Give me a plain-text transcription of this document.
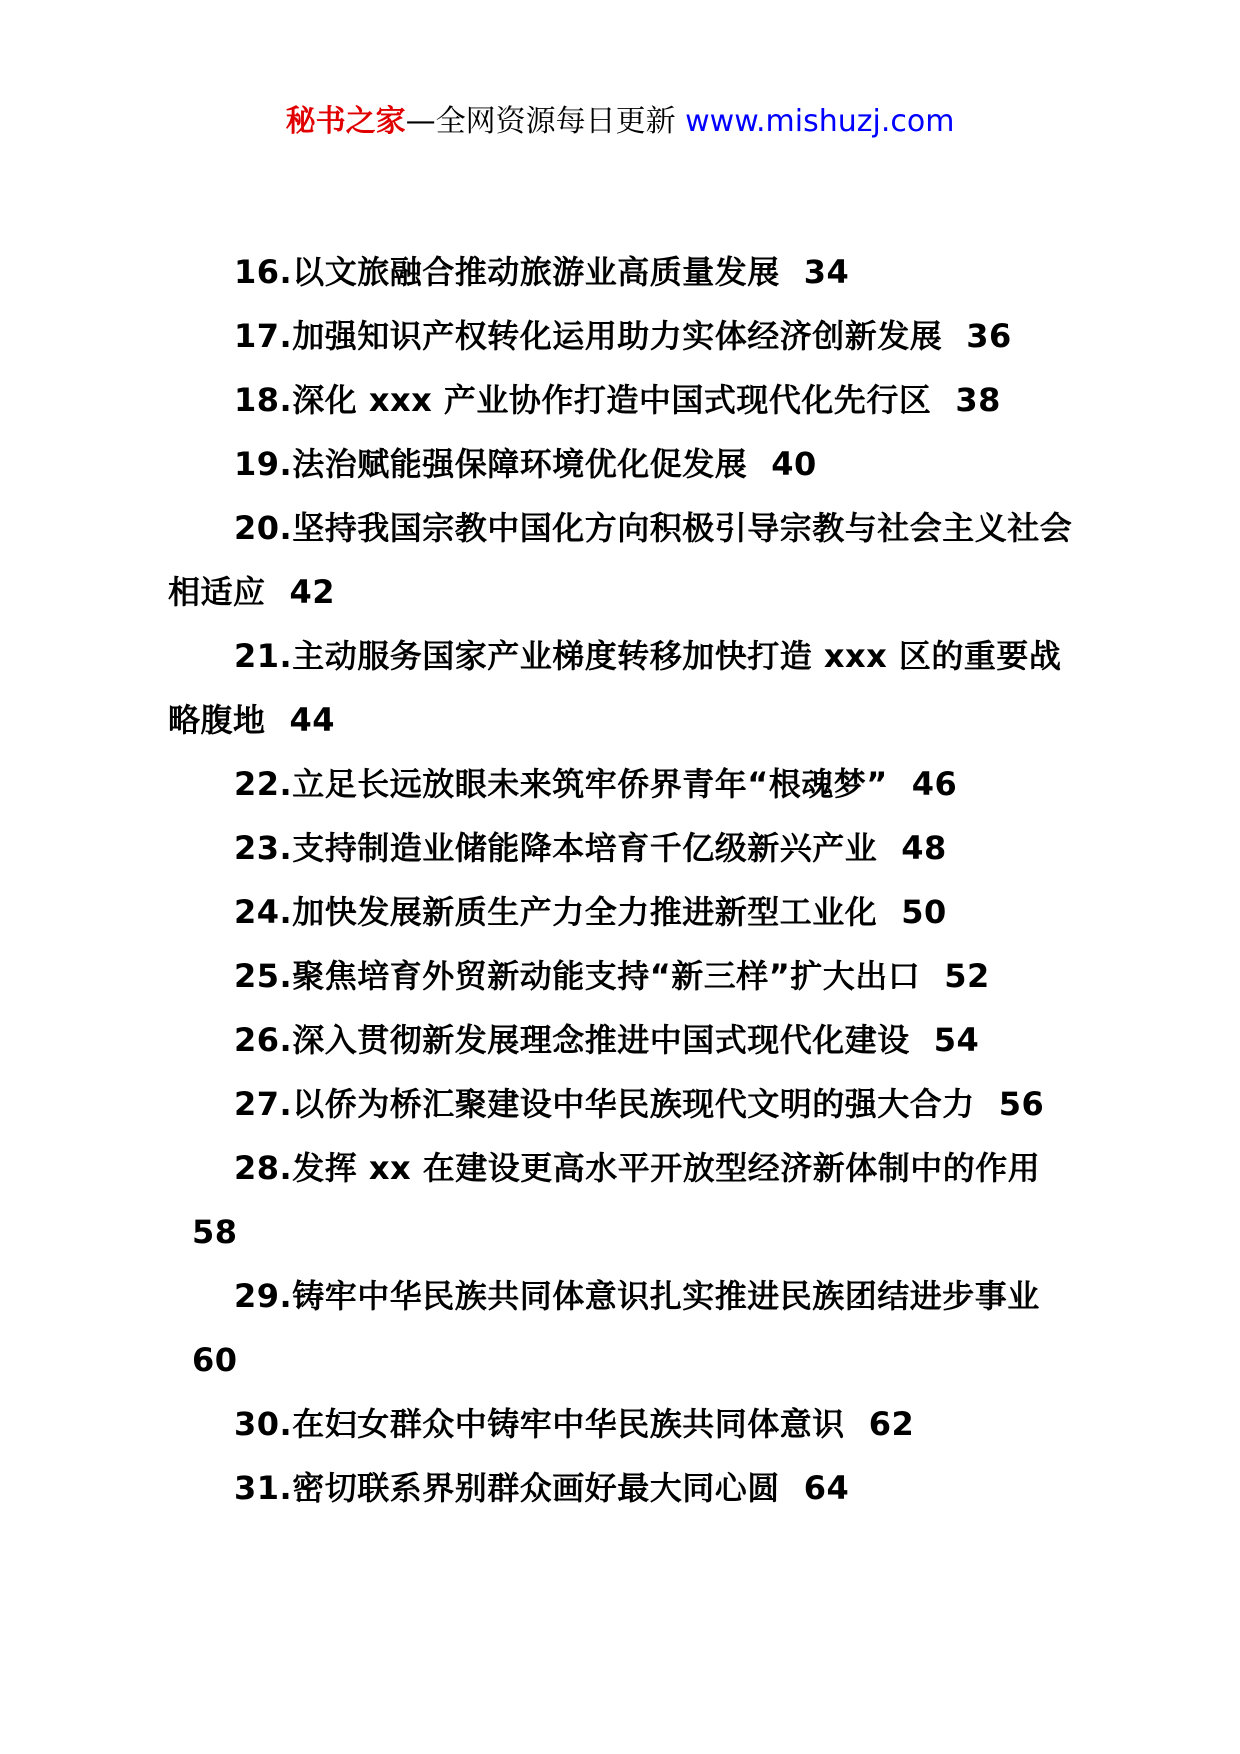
秘书之家—全网资源每日更新 www.mishuzj.com
16.以文旅融合推动旅游业高质量发展 34
17.加强知识产权转化运用助力实体经济创新发展 36
18.深化 xxx 产业协作打造中国式现代化先行区 38
19.法治赋能强保障环境优化促发展 40
20.坚持我国宗教中国化方向积极引导宗教与社会主义社会相适应 42
21.主动服务国家产业梯度转移加快打造 xxx 区的重要战略腹地 44
22.立足长远放眼未来筑牢侨界青年“根魂梦” 46
23.支持制造业储能降本培育千亿级新兴产业 48
24.加快发展新质生产力全力推进新型工业化 50
25.聚焦培育外贸新动能支持“新三样”扩大出口 52
26.深入贯彻新发展理念推进中国式现代化建设 54
27.以侨为桥汇聚建设中华民族现代文明的强大合力 56
28.发挥 xx 在建设更高水平开放型经济新体制中的作用58
29.铸牢中华民族共同体意识扎实推进民族团结进步事业60
30.在妇女群众中铸牢中华民族共同体意识 62
31.密切联系界别群众画好最大同心圆 64
